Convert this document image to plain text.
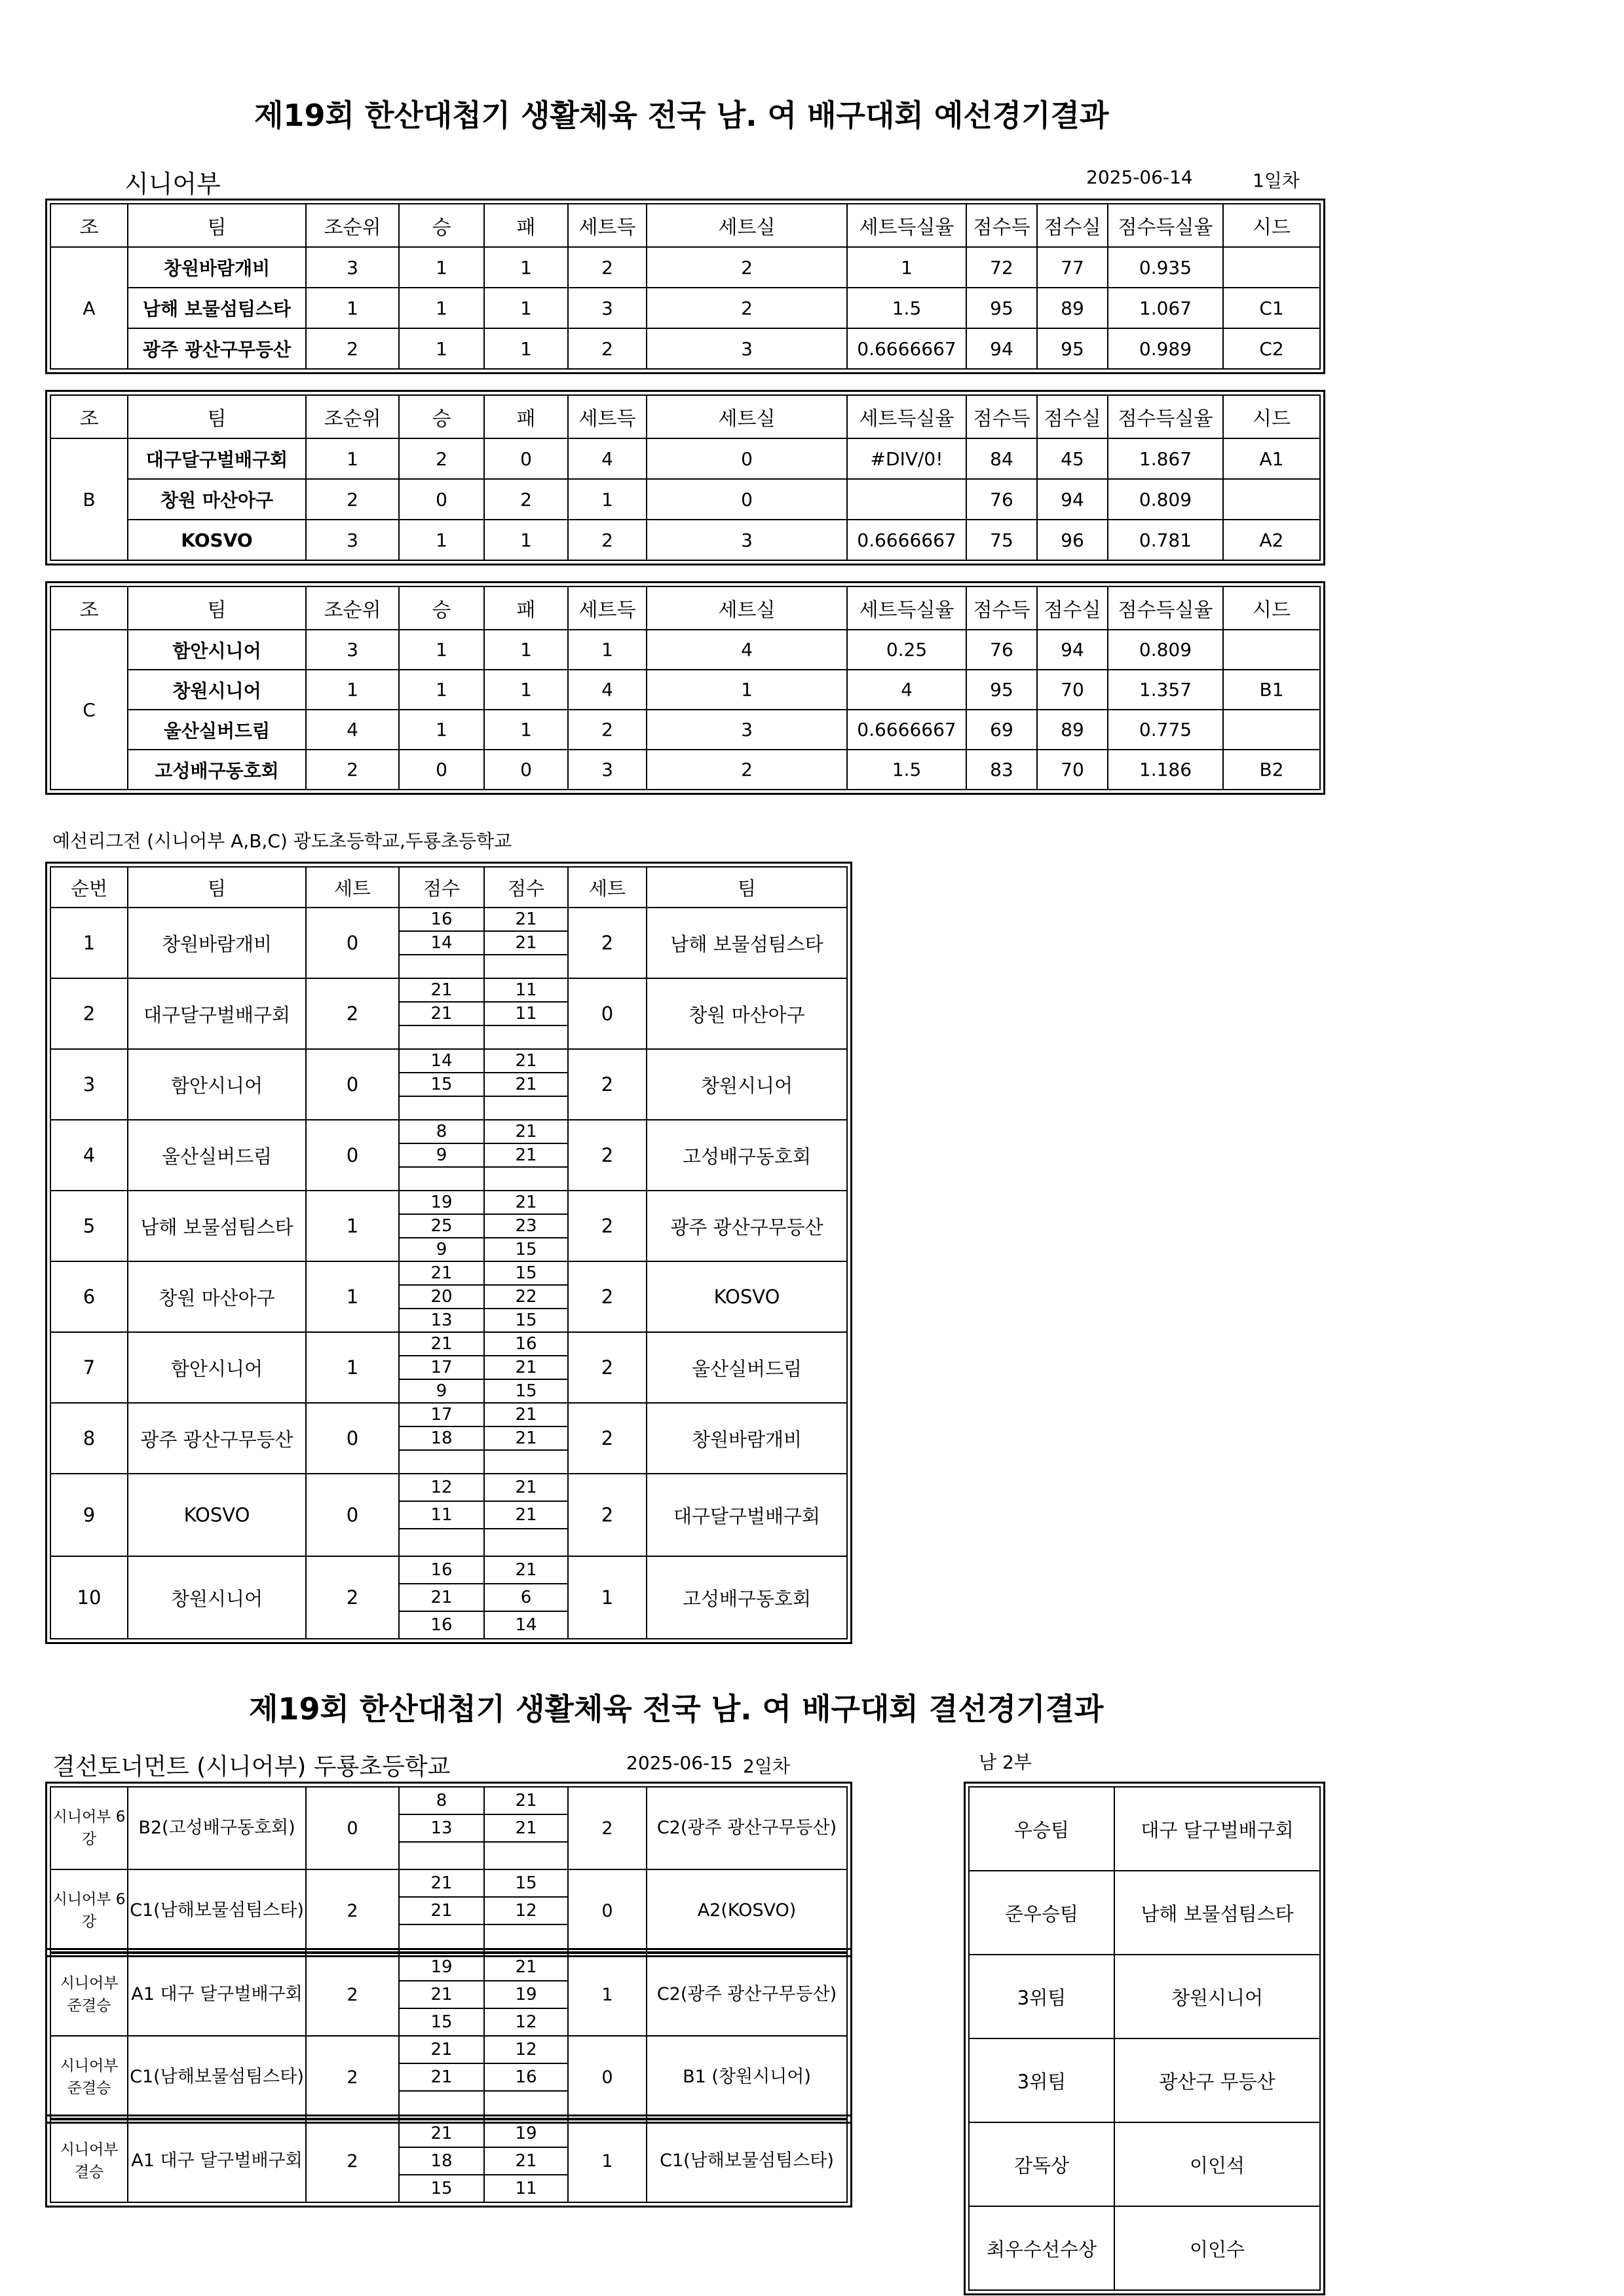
제19회 한산대첩기 생활체육 전국 남. 여 배구대회 예선경기결과
시니어부	2025-06-14	1일차
조	팀	조순위	승	패	세트득	세트실	세트득실율	점수득	점수실	점수득실율	시드
A	창원바람개비	3	1	1	2	2	1	72	77	0.935	
	남해 보물섬팀스타	1	1	1	3	2	1.5	95	89	1.067	C1
	광주 광산구무등산	2	1	1	2	3	0.6666667	94	95	0.989	C2
조	팀	조순위	승	패	세트득	세트실	세트득실율	점수득	점수실	점수득실율	시드
B	대구달구벌배구회	1	2	0	4	0	#DIV/0!	84	45	1.867	A1
	창원 마산아구	2	0	2	1	0		76	94	0.809	
	KOSVO	3	1	1	2	3	0.6666667	75	96	0.781	A2
조	팀	조순위	승	패	세트득	세트실	세트득실율	점수득	점수실	점수득실율	시드
C	함안시니어	3	1	1	1	4	0.25	76	94	0.809	
	창원시니어	1	1	1	4	1	4	95	70	1.357	B1
	울산실버드림	4	1	1	2	3	0.6666667	69	89	0.775	
	고성배구동호회	2	0	0	3	2	1.5	83	70	1.186	B2
예선리그전 (시니어부 A,B,C) 광도초등학교,두룡초등학교
순번	팀	세트	점수	점수	세트	팀
1	창원바람개비	0	16	21	2	남해 보물섬팀스타
			14	21		

2	대구달구벌배구회	2	21	11	0	창원 마산아구
			21	11		

3	함안시니어	0	14	21	2	창원시니어
			15	21		

4	울산실버드림	0	8	21	2	고성배구동호회
			9	21		

5	남해 보물섬팀스타	1	19	21	2	광주 광산구무등산
			25	23		
			9	15		
6	창원 마산아구	1	21	15	2	KOSVO
			20	22		
			13	15		
7	함안시니어	1	21	16	2	울산실버드림
			17	21		
			9	15		
8	광주 광산구무등산	0	17	21	2	창원바람개비
			18	21		

9	KOSVO	0	12	21	2	대구달구벌배구회
			11	21		

10	창원시니어	2	16	21	1	고성배구동호회
			21	6		
			16	14		
제19회 한산대첩기 생활체육 전국 남. 여 배구대회 결선경기결과
결선토너먼트 (시니어부) 두룡초등학교	2025-06-15 2일차	남 2부
시니어부 6강	B2(고성배구동호회)	0	8	21	2	C2(광주 광산구무등산)
			13	21		

시니어부 6강	C1(남해보물섬팀스타)	2	21	15	0	A2(KOSVO)
			21	12		

시니어부 준결승	A1 대구 달구벌배구회	2	19	21	1	C2(광주 광산구무등산)
			21	19		
			15	12		
시니어부 준결승	C1(남해보물섬팀스타)	2	21	12	0	B1 (창원시니어)
			21	16		

시니어부 결승	A1 대구 달구벌배구회	2	21	19	1	C1(남해보물섬팀스타)
			18	21		
			15	11		
우승팀	대구 달구벌배구회
준우승팀	남해 보물섬팀스타
3위팀	창원시니어
3위팀	광산구 무등산
감독상	이인석
최우수선수상	이인수
